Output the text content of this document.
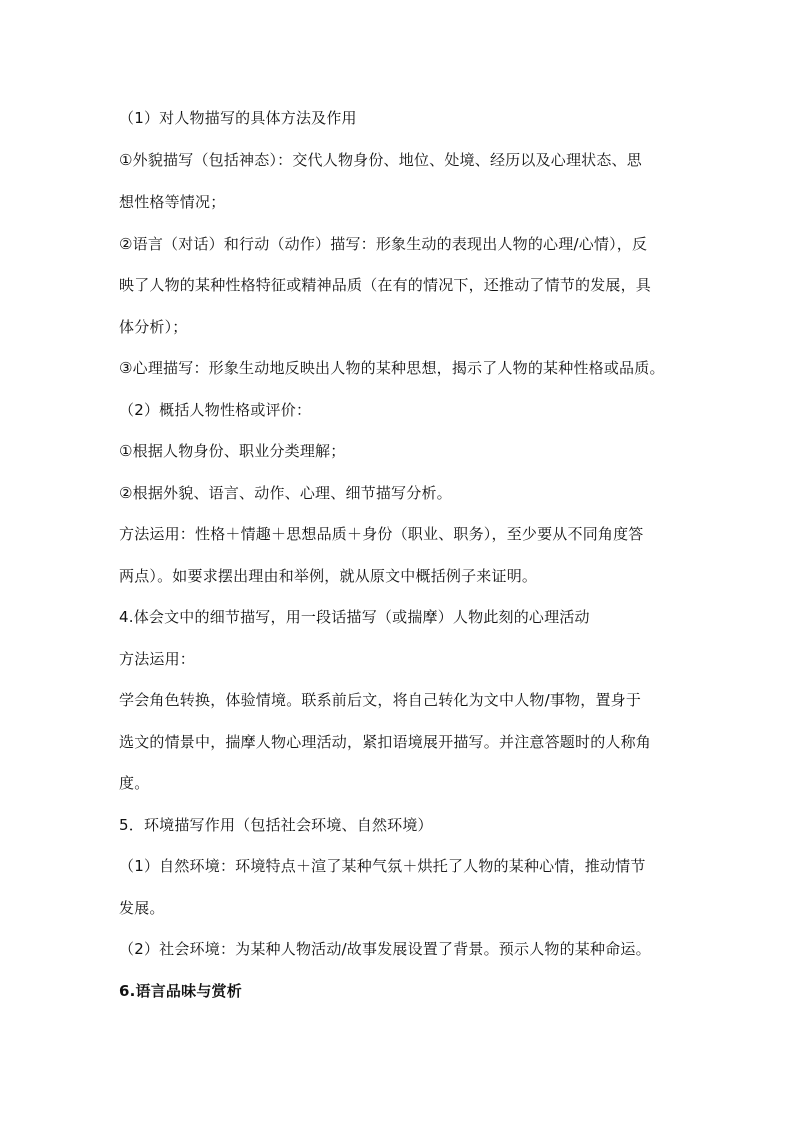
（1）对人物描写的具体方法及作用
①外貌描写（包括神态）：交代人物身份、地位、处境、经历以及心理状态、思
想性格等情况；
②语言（对话）和行动（动作）描写：形象生动的表现出人物的心理/心情），反
映了人物的某种性格特征或精神品质（在有的情况下，还推动了情节的发展，具
体分析）；
③心理描写：形象生动地反映出人物的某种思想，揭示了人物的某种性格或品质。
（2）概括人物性格或评价：
①根据人物身份、职业分类理解；
②根据外貌、语言、动作、心理、细节描写分析。
方法运用：性格＋情趣＋思想品质＋身份（职业、职务），至少要从不同角度答
两点）。如要求摆出理由和举例，就从原文中概括例子来证明。
4.体会文中的细节描写，用一段话描写（或揣摩）人物此刻的心理活动
方法运用：
学会角色转换，体验情境。联系前后文，将自己转化为文中人物/事物，置身于
选文的情景中，揣摩人物心理活动，紧扣语境展开描写。并注意答题时的人称角
度。
5．环境描写作用（包括社会环境、自然环境）
（1）自然环境：环境特点＋渲了某种气氛＋烘托了人物的某种心情，推动情节
发展。
（2）社会环境：为某种人物活动/故事发展设置了背景。预示人物的某种命运。
6.语言品味与赏析
